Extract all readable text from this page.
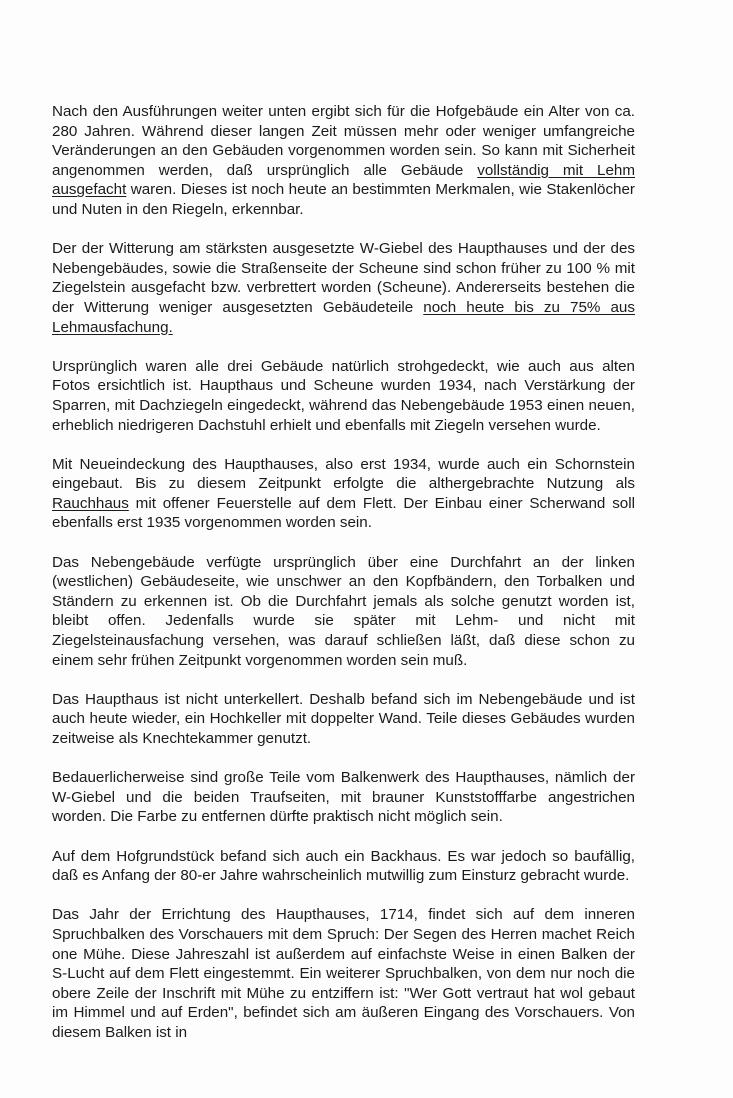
Nach den Ausführungen weiter unten ergibt sich für die Hofgebäude ein Alter von ca. 280 Jahren. Während dieser langen Zeit müssen mehr oder weniger umfangreiche Veränderungen an den Gebäuden vorgenommen worden sein. So kann mit Sicherheit angenommen werden, daß ursprünglich alle Gebäude vollständig mit Lehm ausgefacht waren. Dieses ist noch heute an bestimmten Merkmalen, wie Stakenlöcher und Nuten in den Riegeln, erkennbar.

Der der Witterung am stärksten ausgesetzte W-Giebel des Haupthauses und der des Nebengebäudes, sowie die Straßenseite der Scheune sind schon früher zu 100 % mit Ziegelstein ausgefacht bzw. verbrettert worden (Scheune). Andererseits bestehen die der Witterung weniger ausgesetzten Gebäudeteile noch heute bis zu 75% aus Lehmausfachung.

Ursprünglich waren alle drei Gebäude natürlich strohgedeckt, wie auch aus alten Fotos ersichtlich ist. Haupthaus und Scheune wurden 1934, nach Verstärkung der Sparren, mit Dachziegeln eingedeckt, während das Nebengebäude 1953 einen neuen, erheblich niedrigeren Dachstuhl erhielt und ebenfalls mit Ziegeln versehen wurde.

Mit Neueindeckung des Haupthauses, also erst 1934, wurde auch ein Schornstein eingebaut. Bis zu diesem Zeitpunkt erfolgte die althergebrachte Nutzung als Rauchhaus mit offener Feuerstelle auf dem Flett. Der Einbau einer Scherwand soll ebenfalls erst 1935 vorgenommen worden sein.

Das Nebengebäude verfügte ursprünglich über eine Durchfahrt an der linken (westlichen) Gebäudeseite, wie unschwer an den Kopfbändern, den Torbalken und Ständern zu erkennen ist. Ob die Durchfahrt jemals als solche genutzt worden ist, bleibt offen. Jedenfalls wurde sie später mit Lehm- und nicht mit Ziegelsteinausfachung versehen, was darauf schließen läßt, daß diese schon zu einem sehr frühen Zeitpunkt vorgenommen worden sein muß.

Das Haupthaus ist nicht unterkellert. Deshalb befand sich im Nebengebäude und ist auch heute wieder, ein Hochkeller mit doppelter Wand. Teile dieses Gebäudes wurden zeitweise als Knechtekammer genutzt.

Bedauerlicherweise sind große Teile vom Balkenwerk des Haupthauses, nämlich der W-Giebel und die beiden Traufseiten, mit brauner Kunststofffarbe angestrichen worden. Die Farbe zu entfernen dürfte praktisch nicht möglich sein.

Auf dem Hofgrundstück befand sich auch ein Backhaus. Es war jedoch so baufällig, daß es Anfang der 80-er Jahre wahrscheinlich mutwillig zum Einsturz gebracht wurde.

Das Jahr der Errichtung des Haupthauses, 1714, findet sich auf dem inneren Spruchbalken des Vorschauers mit dem Spruch: Der Segen des Herren machet Reich one Mühe. Diese Jahreszahl ist außerdem auf einfachste Weise in einen Balken der S-Lucht auf dem Flett eingestemmt. Ein weiterer Spruchbalken, von dem nur noch die obere Zeile der Inschrift mit Mühe zu entziffern ist: "Wer Gott vertraut hat wol gebaut im Himmel und auf Erden", befindet sich am äußeren Eingang des Vorschauers. Von diesem Balken ist in
